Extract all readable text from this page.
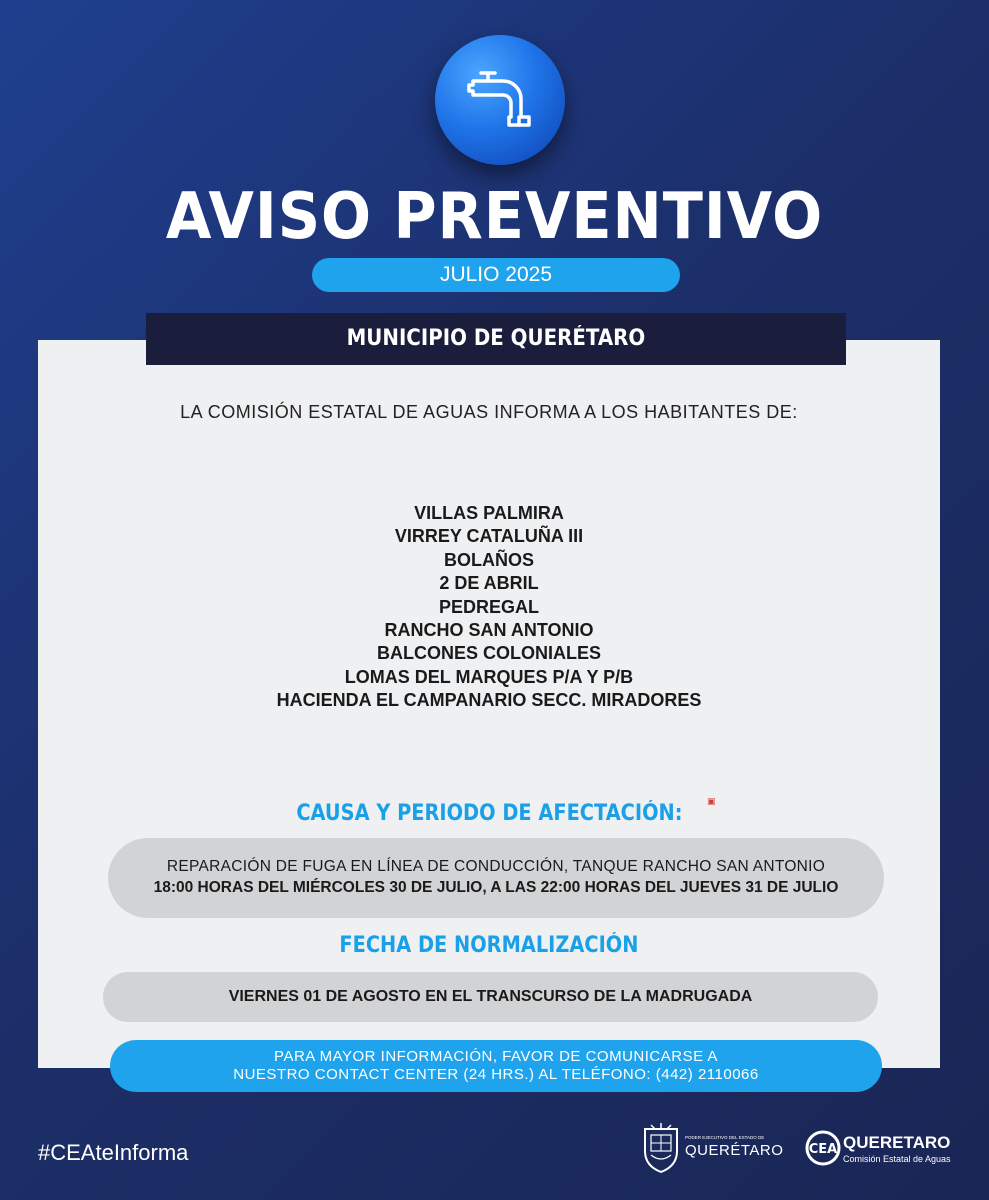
AVISO PREVENTIVO
JULIO 2025
MUNICIPIO DE QUERÉTARO
LA COMISIÓN ESTATAL DE AGUAS INFORMA A LOS HABITANTES DE:
VILLAS PALMIRA
VIRREY CATALUÑA III
BOLAÑOS
2 DE ABRIL
PEDREGAL
RANCHO SAN ANTONIO
BALCONES COLONIALES
LOMAS DEL MARQUES P/A Y P/B
HACIENDA EL CAMPANARIO SECC. MIRADORES
▣
CAUSA Y PERIODO DE AFECTACIÓN:
REPARACIÓN DE FUGA EN LÍNEA DE CONDUCCIÓN, TANQUE RANCHO SAN ANTONIO
18:00 HORAS DEL MIÉRCOLES 30 DE JULIO, A LAS 22:00 HORAS DEL JUEVES 31 DE JULIO
FECHA DE NORMALIZACIÓN
VIERNES 01 DE AGOSTO EN EL TRANSCURSO DE LA MADRUGADA
PARA MAYOR INFORMACIÓN, FAVOR DE COMUNICARSE A
NUESTRO CONTACT CENTER (24 HRS.) AL TELÉFONO: (442) 2110066
#CEAteInforma
PODER EJECUTIVO DEL ESTADO DE
QUERÉTARO CEA QUERETARO
Comisión Estatal de Aguas
